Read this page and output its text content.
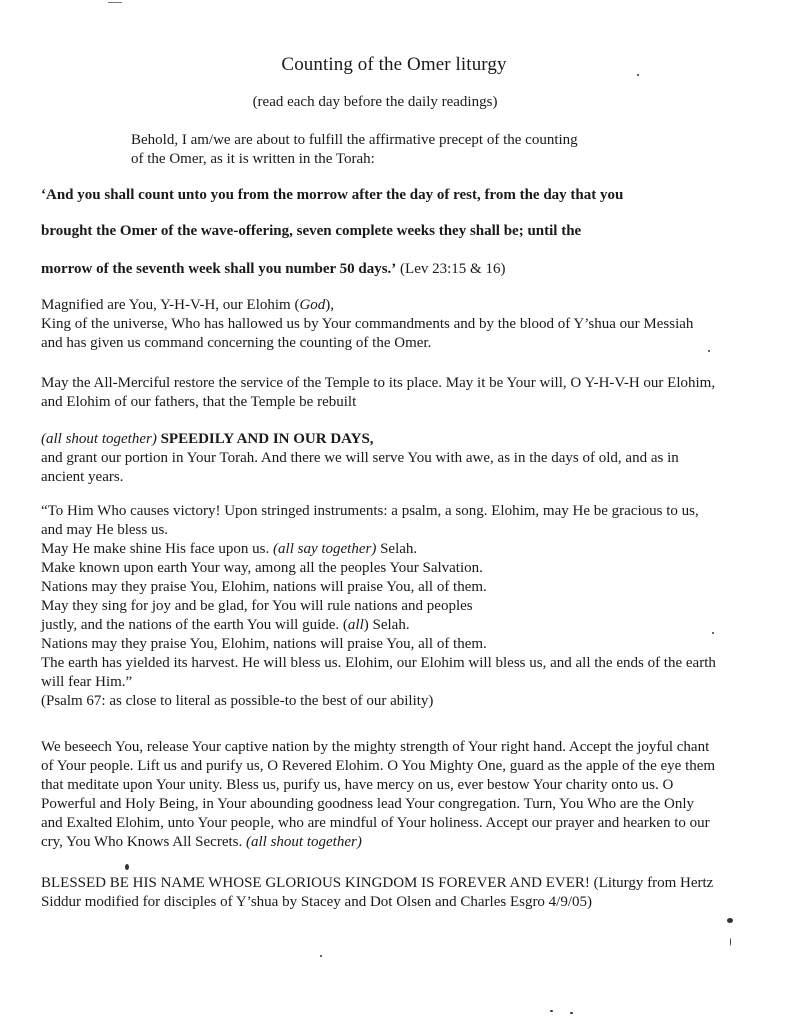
Counting of the Omer liturgy
(read each day before the daily readings)
Behold, I am/we are about to fulfill the affirmative precept of the counting
of the Omer, as it is written in the Torah:
‘And you shall count unto you from the morrow after the day of rest, from the day that you
brought the Omer of the wave-offering, seven complete weeks they shall be; until the
morrow of the seventh week shall you number 50 days.’ (Lev 23:15 & 16)

Magnified are You, Y-H-V-H, our Elohim (God),

King of the universe, Who has hallowed us by Your commandments and by the blood of Y’shua our Messiah

and has given us command concerning the counting of the Omer.

May the All-Merciful restore the service of the Temple to its place. May it be Your will, O Y-H-V-H our Elohim,

and Elohim of our fathers, that the Temple be rebuilt

(all shout together) SPEEDILY AND IN OUR DAYS,

and grant our portion in Your Torah. And there we will serve You with awe, as in the days of old, and as in

ancient years.

“To Him Who causes victory! Upon stringed instruments: a psalm, a song. Elohim, may He be gracious to us,

and may He bless us.

May He make shine His face upon us. (all say together) Selah.

Make known upon earth Your way, among all the peoples Your Salvation.

Nations may they praise You, Elohim, nations will praise You, all of them.

May they sing for joy and be glad, for You will rule nations and peoples

justly, and the nations of the earth You will guide. (all) Selah.

Nations may they praise You, Elohim, nations will praise You, all of them.

The earth has yielded its harvest. He will bless us. Elohim, our Elohim will bless us, and all the ends of the earth

will fear Him.”

(Psalm 67: as close to literal as possible-to the best of our ability)

We beseech You, release Your captive nation by the mighty strength of Your right hand. Accept the joyful chant

of Your people. Lift us and purify us, O Revered Elohim. O You Mighty One, guard as the apple of the eye them

that meditate upon Your unity. Bless us, purify us, have mercy on us, ever bestow Your charity onto us. O

Powerful and Holy Being, in Your abounding goodness lead Your congregation. Turn, You Who are the Only

and Exalted Elohim, unto Your people, who are mindful of Your holiness. Accept our prayer and hearken to our

cry, You Who Knows All Secrets. (all shout together)

BLESSED BE HIS NAME WHOSE GLORIOUS KINGDOM IS FOREVER AND EVER! (Liturgy from Hertz

Siddur modified for disciples of Y’shua by Stacey and Dot Olsen and Charles Esgro 4/9/05)
